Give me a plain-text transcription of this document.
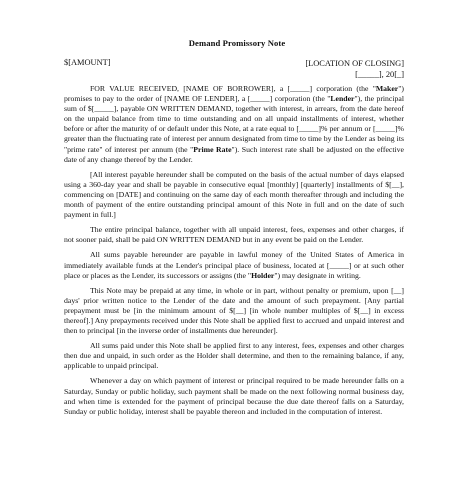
Demand Promissory Note
$[AMOUNT]	[LOCATION OF CLOSING]
[_____], 20[_]

FOR VALUE RECEIVED, [NAME OF BORROWER], a [_____] corporation (the "Maker") promises to pay to the order of [NAME OF LENDER], a [_____] corporation (the "Lender"), the principal sum of $[_____], payable ON WRITTEN DEMAND, together with interest, in arrears, from the date hereof on the unpaid balance from time to time outstanding and on all unpaid installments of interest, whether before or after the maturity of or default under this Note, at a rate equal to [_____]% per annum or [_____]% greater than the fluctuating rate of interest per annum designated from time to time by the Lender as being its "prime rate" of interest per annum (the "Prime Rate"). Such interest rate shall be adjusted on the effective date of any change thereof by the Lender.

[All interest payable hereunder shall be computed on the basis of the actual number of days elapsed using a 360-day year and shall be payable in consecutive equal [monthly] [quarterly] installments of $[__], commencing on [DATE] and continuing on the same day of each month thereafter through and including the month of payment of the entire outstanding principal amount of this Note in full and on the date of such payment in full.]

The entire principal balance, together with all unpaid interest, fees, expenses and other charges, if not sooner paid, shall be paid ON WRITTEN DEMAND but in any event be paid on the Lender.

All sums payable hereunder are payable in lawful money of the United States of America in immediately available funds at the Lender's principal place of business, located at [_____] or at such other place or places as the Lender, its successors or assigns (the "Holder") may designate in writing.

This Note may be prepaid at any time, in whole or in part, without penalty or premium, upon [__] days' prior written notice to the Lender of the date and the amount of such prepayment. [Any partial prepayment must be [in the minimum amount of $[__] [in whole number multiples of $[__] in excess thereof].] Any prepayments received under this Note shall be applied first to accrued and unpaid interest and then to principal [in the inverse order of installments due hereunder].

All sums paid under this Note shall be applied first to any interest, fees, expenses and other charges then due and unpaid, in such order as the Holder shall determine, and then to the remaining balance, if any, applicable to unpaid principal.

Whenever a day on which payment of interest or principal required to be made hereunder falls on a Saturday, Sunday or public holiday, such payment shall be made on the next following normal business day, and when time is extended for the payment of principal because the due date thereof falls on a Saturday, Sunday or public holiday, interest shall be payable thereon and included in the computation of interest.
